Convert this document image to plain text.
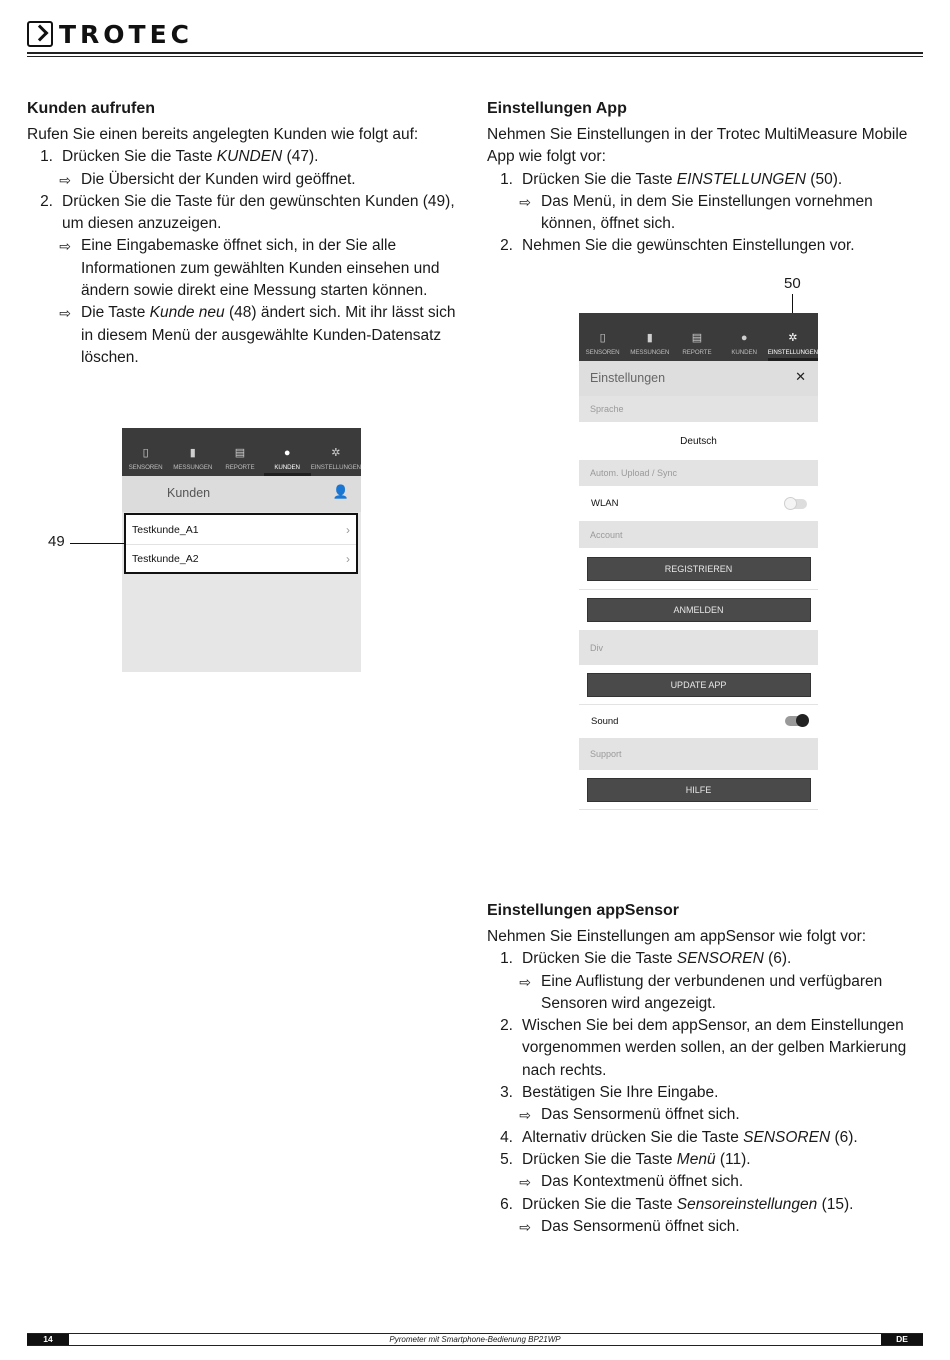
TROTEC
Kunden aufrufen

Rufen Sie einen bereits angelegten Kunden wie folgt auf:

1. Drücken Sie die Taste KUNDEN (47).
⇨ Die Übersicht der Kunden wird geöffnet.
2. Drücken Sie die Taste für den gewünschten Kunden (49), um diesen anzuzeigen.
⇨ Eine Eingabemaske öffnet sich, in der Sie alle Informationen zum gewählten Kunden einsehen und ändern sowie direkt eine Messung starten können.
⇨ Die Taste Kunde neu (48) ändert sich. Mit ihr lässt sich in diesem Menü der ausgewählte Kunden-Datensatz löschen.
▯
SENSOREN
▮
MESSUNGEN
▤
REPORTE
●
KUNDEN
✲
EINSTELLUNGEN
Kunden	👤
Testkunde_A1	›
Testkunde_A2	›
49
Einstellungen App

Nehmen Sie Einstellungen in der Trotec MultiMeasure Mobile App wie folgt vor:

1. Drücken Sie die Taste EINSTELLUNGEN (50).
⇨ Das Menü, in dem Sie Einstellungen vornehmen können, öffnet sich.
2. Nehmen Sie die gewünschten Einstellungen vor.
50
▯
SENSOREN
▮
MESSUNGEN
▤
REPORTE
●
KUNDEN
✲
EINSTELLUNGEN
Einstellungen	✕
Sprache
Deutsch
Autom. Upload / Sync
WLAN
Account
REGISTRIEREN
ANMELDEN
Div
UPDATE APP
Sound
Support
HILFE
Einstellungen appSensor

Nehmen Sie Einstellungen am appSensor wie folgt vor:

1. Drücken Sie die Taste SENSOREN (6).
⇨ Eine Auflistung der verbundenen und verfügbaren Sensoren wird angezeigt.
2. Wischen Sie bei dem appSensor, an dem Einstellungen vorgenommen werden sollen, an der gelben Markierung nach rechts.
3. Bestätigen Sie Ihre Eingabe.
⇨ Das Sensormenü öffnet sich.
4. Alternativ drücken Sie die Taste SENSOREN (6).
5. Drücken Sie die Taste Menü (11).
⇨ Das Kontextmenü öffnet sich.
6. Drücken Sie die Taste Sensoreinstellungen (15).
⇨ Das Sensormenü öffnet sich.
14	Pyrometer mit Smartphone-Bedienung BP21WP	DE
